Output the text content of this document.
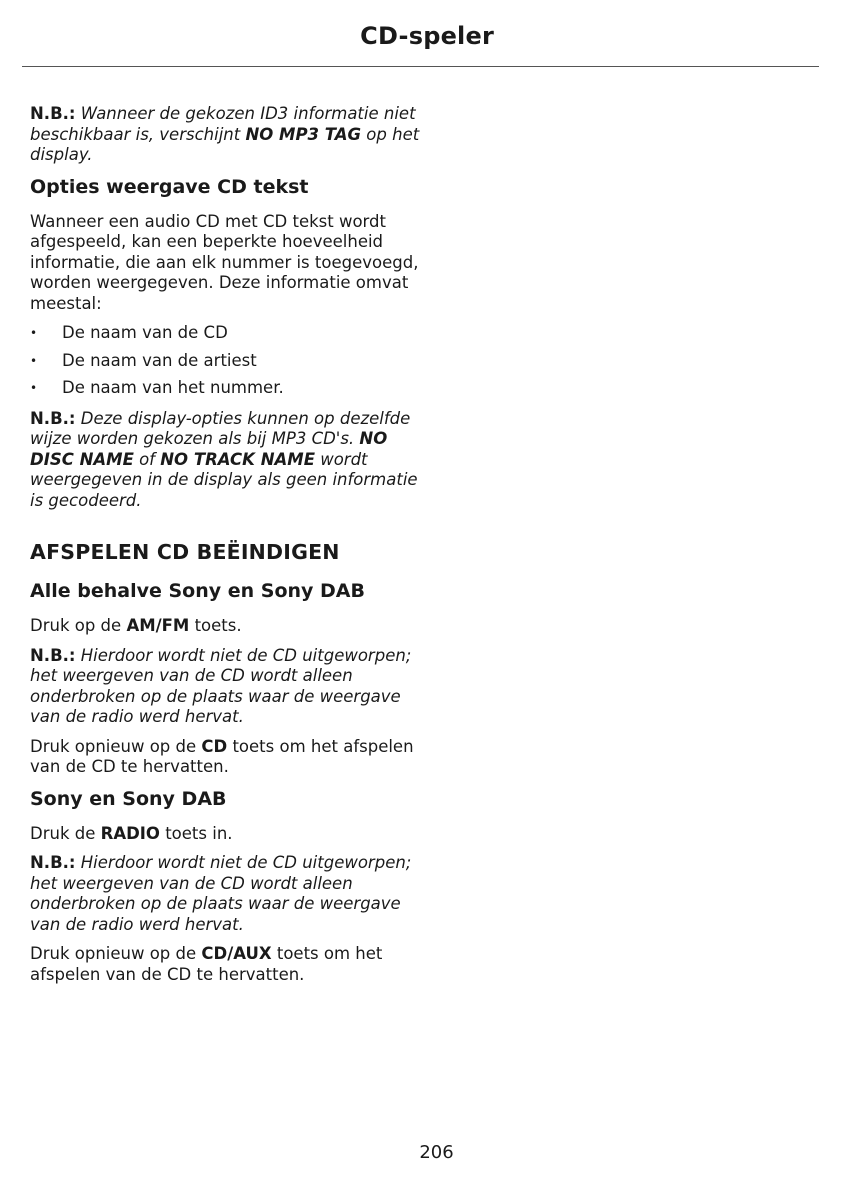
CD-speler

N.B.: Wanneer de gekozen ID3 informatie niet beschikbaar is, verschijnt NO MP3 TAG op het display.

Opties weergave CD tekst

Wanneer een audio CD met CD tekst wordt afgespeeld, kan een beperkte hoeveelheid informatie, die aan elk nummer is toegevoegd, worden weergegeven. Deze informatie omvat meestal:

• De naam van de CD
• De naam van de artiest
• De naam van het nummer.

N.B.: Deze display-opties kunnen op dezelfde wijze worden gekozen als bij MP3 CD's. NO DISC NAME of NO TRACK NAME wordt weergegeven in de display als geen informatie is gecodeerd.

AFSPELEN CD BEËINDIGEN
Alle behalve Sony en Sony DAB

Druk op de AM/FM toets.

N.B.: Hierdoor wordt niet de CD uitgeworpen; het weergeven van de CD wordt alleen onderbroken op de plaats waar de weergave van de radio werd hervat.

Druk opnieuw op de CD toets om het afspelen van de CD te hervatten.

Sony en Sony DAB

Druk de RADIO toets in.

N.B.: Hierdoor wordt niet de CD uitgeworpen; het weergeven van de CD wordt alleen onderbroken op de plaats waar de weergave van de radio werd hervat.

Druk opnieuw op de CD/AUX toets om het afspelen van de CD te hervatten.

206
